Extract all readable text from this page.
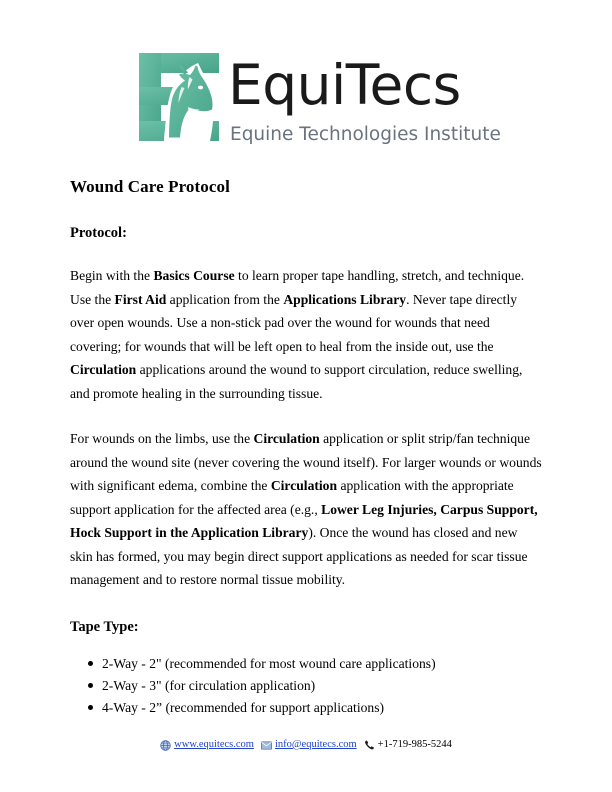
EquiTecs
Equine Technologies Institute
Wound Care Protocol
Protocol:

Begin with the Basics Course to learn proper tape handling, stretch, and technique. Use the First Aid application from the Applications Library. Never tape directly over open wounds. Use a non-stick pad over the wound for wounds that need covering; for wounds that will be left open to heal from the inside out, use the Circulation applications around the wound to support circulation, reduce swelling, and promote healing in the surrounding tissue.

For wounds on the limbs, use the Circulation application or split strip/fan technique around the wound site (never covering the wound itself). For larger wounds or wounds with significant edema, combine the Circulation application with the appropriate support application for the affected area (e.g., Lower Leg Injuries, Carpus Support, Hock Support in the Application Library). Once the wound has closed and new skin has formed, you may begin direct support applications as needed for scar tissue management and to restore normal tissue mobility.

Tape Type:
2-Way - 2" (recommended for most wound care applications)
2-Way - 3" (for circulation application)
4-Way - 2” (recommended for support applications)
www.equitecs.com info@equitecs.com +1-719-985-5244
